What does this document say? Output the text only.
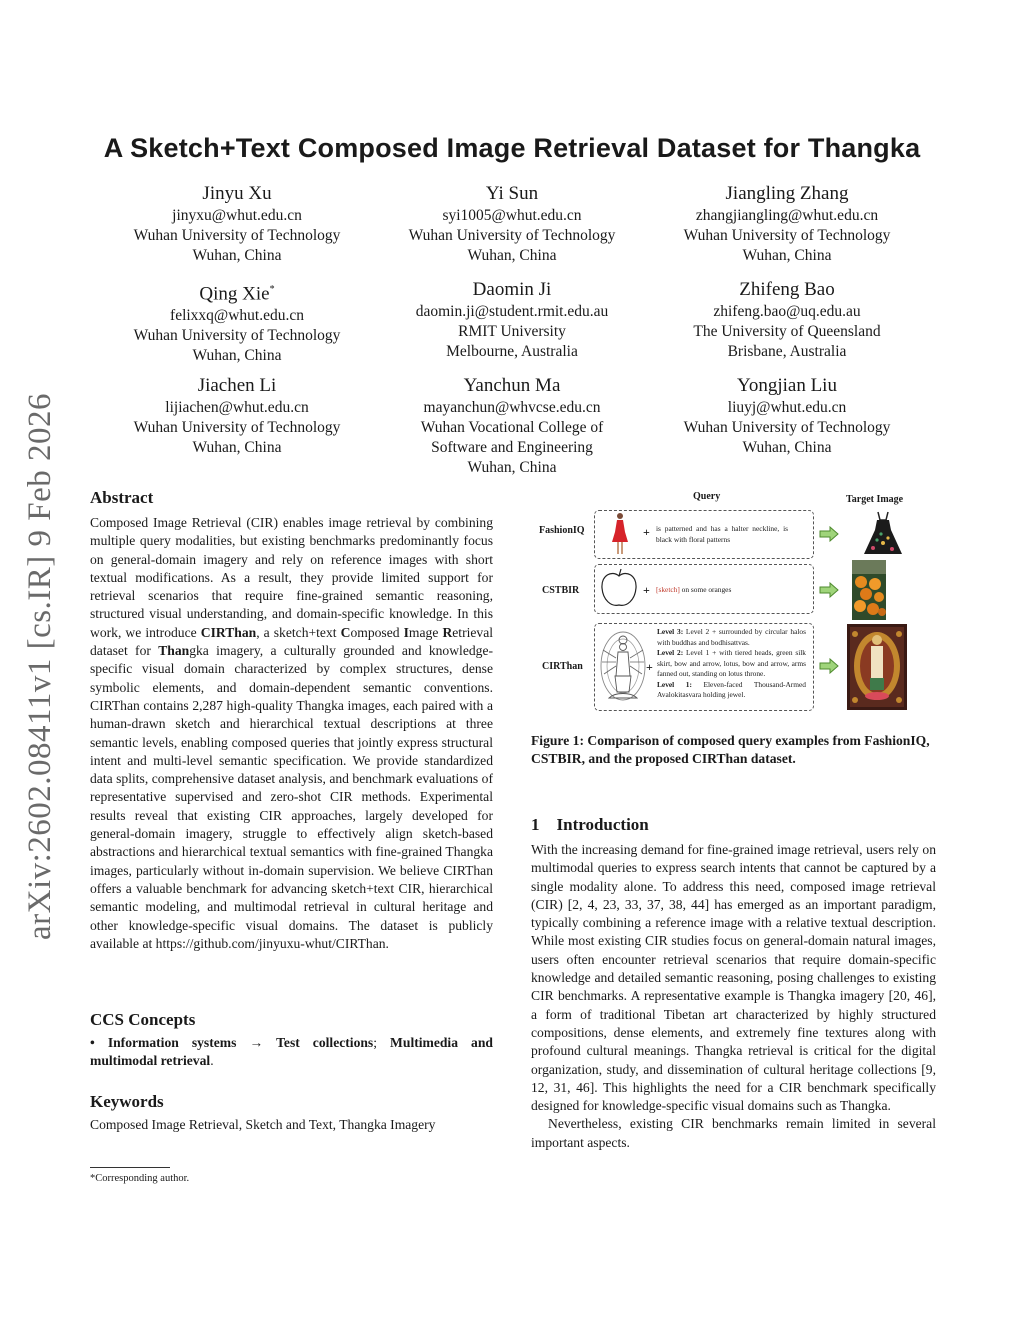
arXiv:2602.08411v1 [cs.IR] 9 Feb 2026
A Sketch+Text Composed Image Retrieval Dataset for Thangka
Jinyu Xu
jinyxu@whut.edu.cn
Wuhan University of Technology
Wuhan, China
Yi Sun
syi1005@whut.edu.cn
Wuhan University of Technology
Wuhan, China
Jiangling Zhang
zhangjiangling@whut.edu.cn
Wuhan University of Technology
Wuhan, China
Qing Xie*
felixxq@whut.edu.cn
Wuhan University of Technology
Wuhan, China
Daomin Ji
daomin.ji@student.rmit.edu.au
RMIT University
Melbourne, Australia
Zhifeng Bao
zhifeng.bao@uq.edu.au
The University of Queensland
Brisbane, Australia
Jiachen Li
lijiachen@whut.edu.cn
Wuhan University of Technology
Wuhan, China
Yanchun Ma
mayanchun@whvcse.edu.cn
Wuhan Vocational College of
Software and Engineering
Wuhan, China
Yongjian Liu
liuyj@whut.edu.cn
Wuhan University of Technology
Wuhan, China
Abstract
Composed Image Retrieval (CIR) enables image retrieval by combining multiple query modalities, but existing benchmarks predominantly focus on general-domain imagery and rely on reference images with short textual modifications. As a result, they provide limited support for retrieval scenarios that require fine-grained semantic reasoning, structured visual understanding, and domain-specific knowledge. In this work, we introduce CIRThan, a sketch+text Composed Image Retrieval dataset for Thangka imagery, a culturally grounded and knowledge-specific visual domain characterized by complex structures, dense symbolic elements, and domain-dependent semantic conventions. CIRThan contains 2,287 high-quality Thangka images, each paired with a human-drawn sketch and hierarchical textual descriptions at three semantic levels, enabling composed queries that jointly express structural intent and multi-level semantic specification. We provide standardized data splits, comprehensive dataset analysis, and benchmark evaluations of representative supervised and zero-shot CIR methods. Experimental results reveal that existing CIR approaches, largely developed for general-domain imagery, struggle to effectively align sketch-based abstractions and hierarchical textual semantics with fine-grained Thangka images, particularly without in-domain supervision. We believe CIRThan offers a valuable benchmark for advancing sketch+text CIR, hierarchical semantic modeling, and multimodal retrieval in cultural heritage and other knowledge-specific visual domains. The dataset is publicly available at https://github.com/jinyuxu-whut/CIRThan.
CCS Concepts
• Information systems → Test collections; Multimedia and multimodal retrieval.
Keywords
Composed Image Retrieval, Sketch and Text, Thangka Imagery
*Corresponding author.
Query	Target Image
FashionIQ	+ is patterned and has a halter neckline, is black with floral patterns
CSTBIR	+ [sketch] on some oranges
CIRThan	+
Level 3: Level 2 + surrounded by circular halos with buddhas and bodhisattvas.
Level 2: Level 1 + with tiered heads, green silk skirt, bow and arrow, lotus, bow and arrow, arms fanned out, standing on lotus throne.
Level 1: Eleven-faced Thousand-Armed Avalokitasvara holding jewel.
Figure 1: Comparison of composed query examples from FashionIQ, CSTBIR, and the proposed CIRThan dataset.
1 Introduction
With the increasing demand for fine-grained image retrieval, users rely on multimodal queries to express search intents that cannot be captured by a single modality alone. To address this need, composed image retrieval (CIR) [2, 4, 23, 33, 37, 38, 44] has emerged as an important paradigm, typically combining a reference image with a relative textual description. While most existing CIR studies focus on general-domain natural images, users often encounter retrieval scenarios that require domain-specific knowledge and detailed semantic reasoning, posing challenges to existing CIR benchmarks. A representative example is Thangka imagery [20, 46], a form of traditional Tibetan art characterized by highly structured compositions, dense elements, and extremely fine textures along with profound cultural meanings. Thangka retrieval is critical for the digital organization, study, and dissemination of cultural heritage collections [9, 12, 31, 46]. This highlights the need for a CIR benchmark specifically designed for knowledge-specific visual domains such as Thangka.
Nevertheless, existing CIR benchmarks remain limited in several important aspects.
